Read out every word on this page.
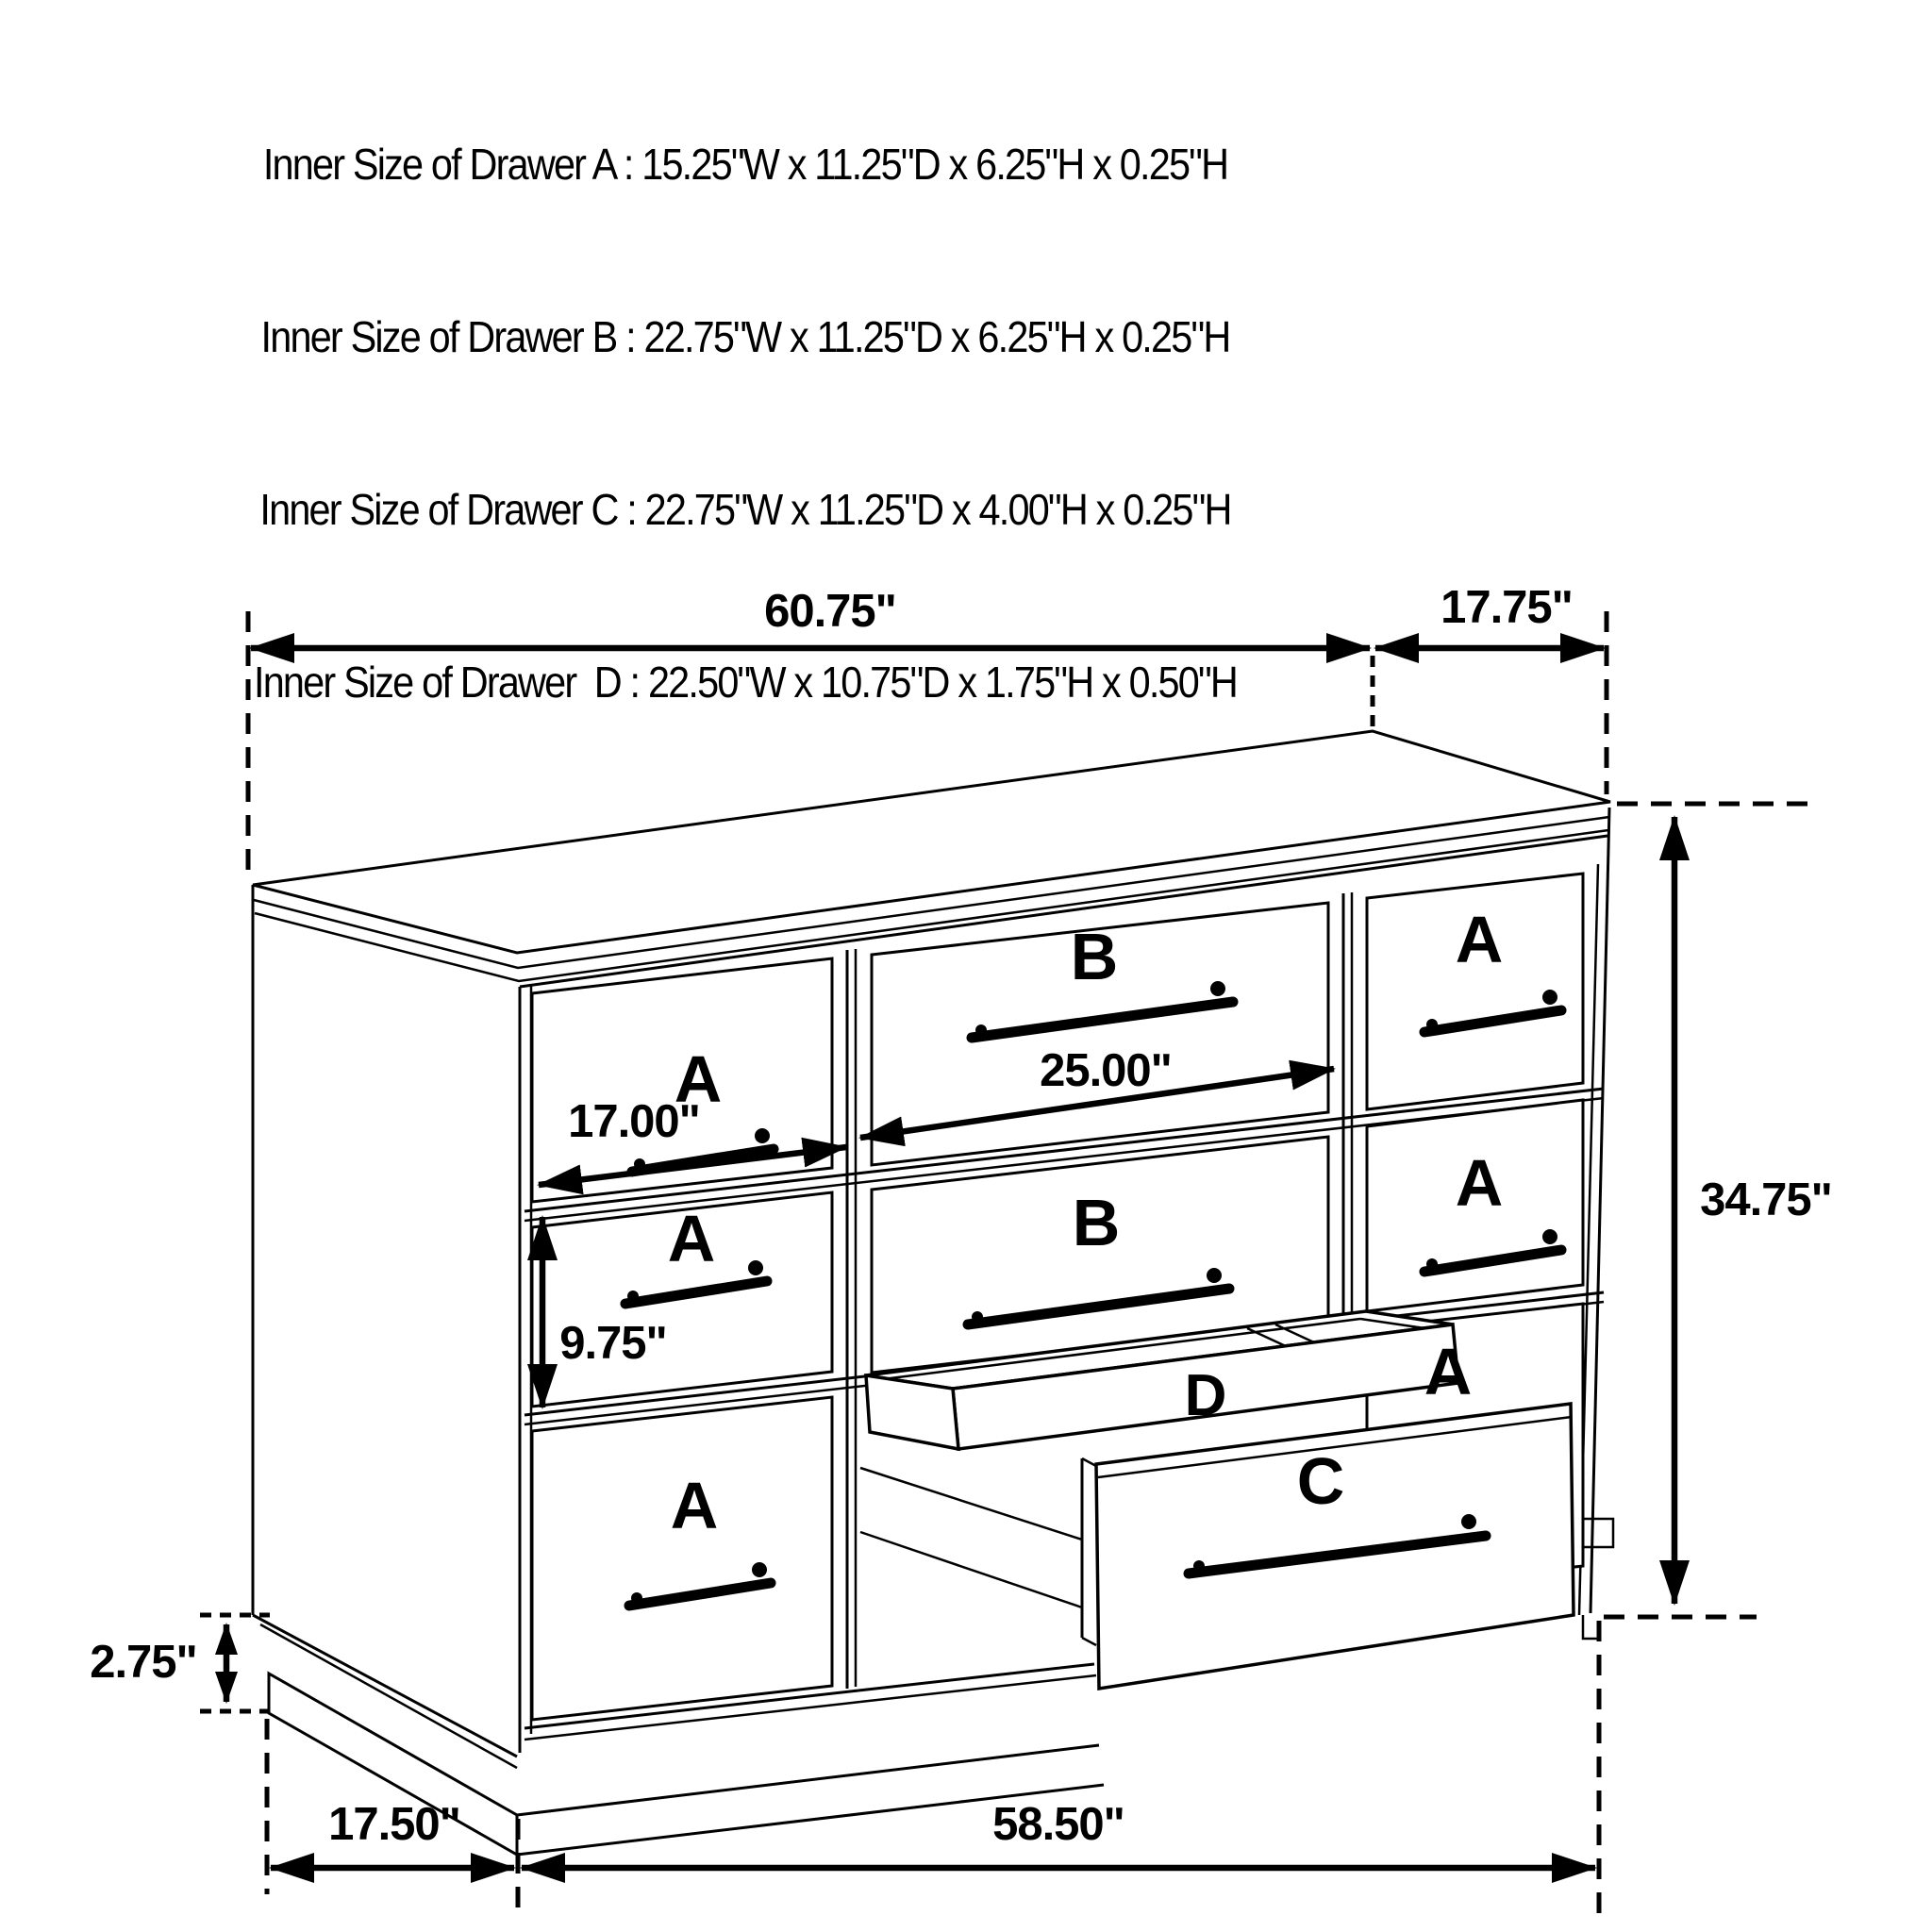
Inner Size of Drawer A : 15.25"W x 11.25"D x 6.25"H x 0.25"H

Inner Size of Drawer B : 22.75"W x 11.25"D x 6.25"H x 0.25"H

Inner Size of Drawer C : 22.75"W x 11.25"D x 4.00"H x 0.25"H

Inner Size of Drawer  D : 22.50"W x 10.75"D x 1.75"H x 0.50"H

A
A
A
B
B
A
A
A
D
C
60.75"	17.75"
34.75"
17.00"
25.00"
9.75"
2.75"
17.50"	58.50"
